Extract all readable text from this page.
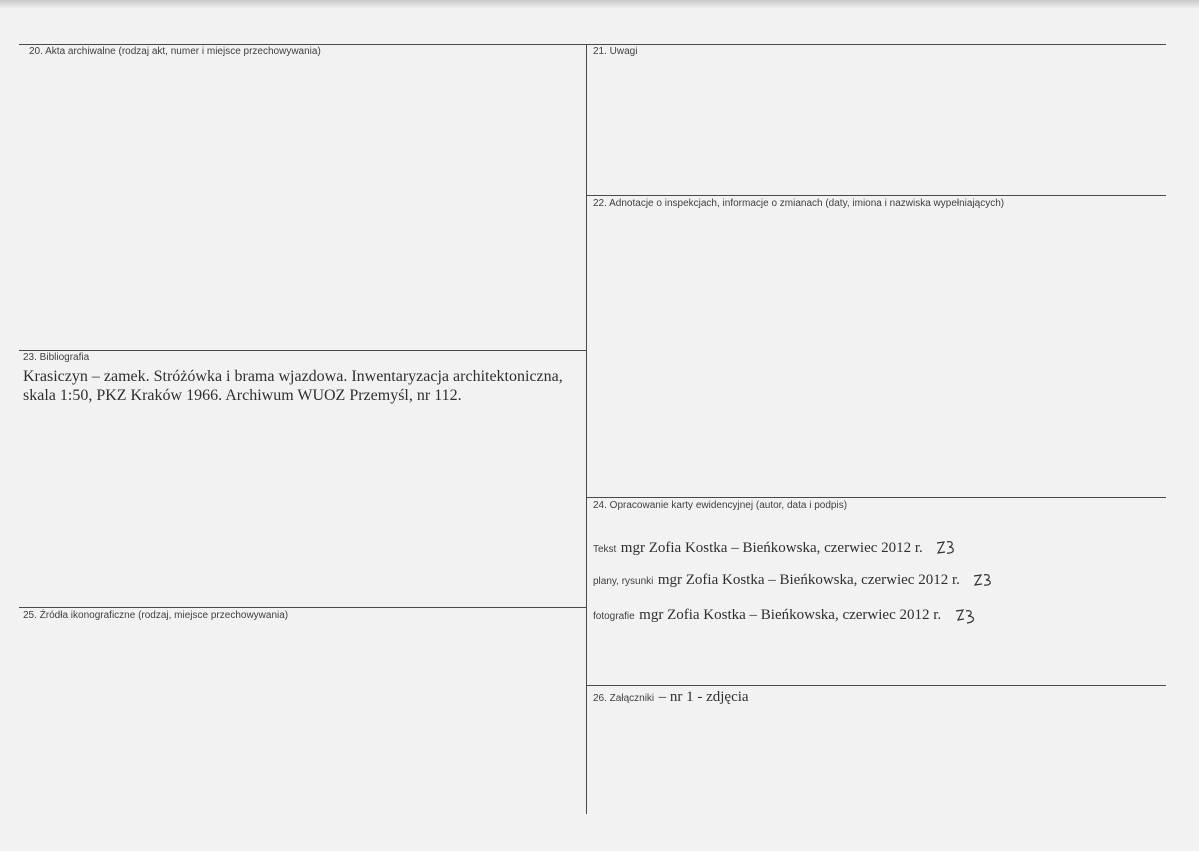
20. Akta archiwalne (rodzaj akt, numer i miejsce przechowywania)	21. Uwagi
22. Adnotacje o inspekcjach, informacje o zmianach (daty, imiona i nazwiska wypełniających)
23. Bibliografia
Krasiczyn – zamek. Stróżówka i brama wjazdowa. Inwentaryzacja architektoniczna, skala 1:50, PKZ Kraków 1966. Archiwum WUOZ Przemyśl, nr 112.
24. Opracowanie karty ewidencyjnej (autor, data i podpis)
Tekst mgr Zofia Kostka – Bieńkowska, czerwiec 2012 r.
plany, rysunki mgr Zofia Kostka – Bieńkowska, czerwiec 2012 r.
fotografie mgr Zofia Kostka – Bieńkowska, czerwiec 2012 r.
25. Źródła ikonograficzne (rodzaj, miejsce przechowywania)
26. Załączniki – nr 1 - zdjęcia
